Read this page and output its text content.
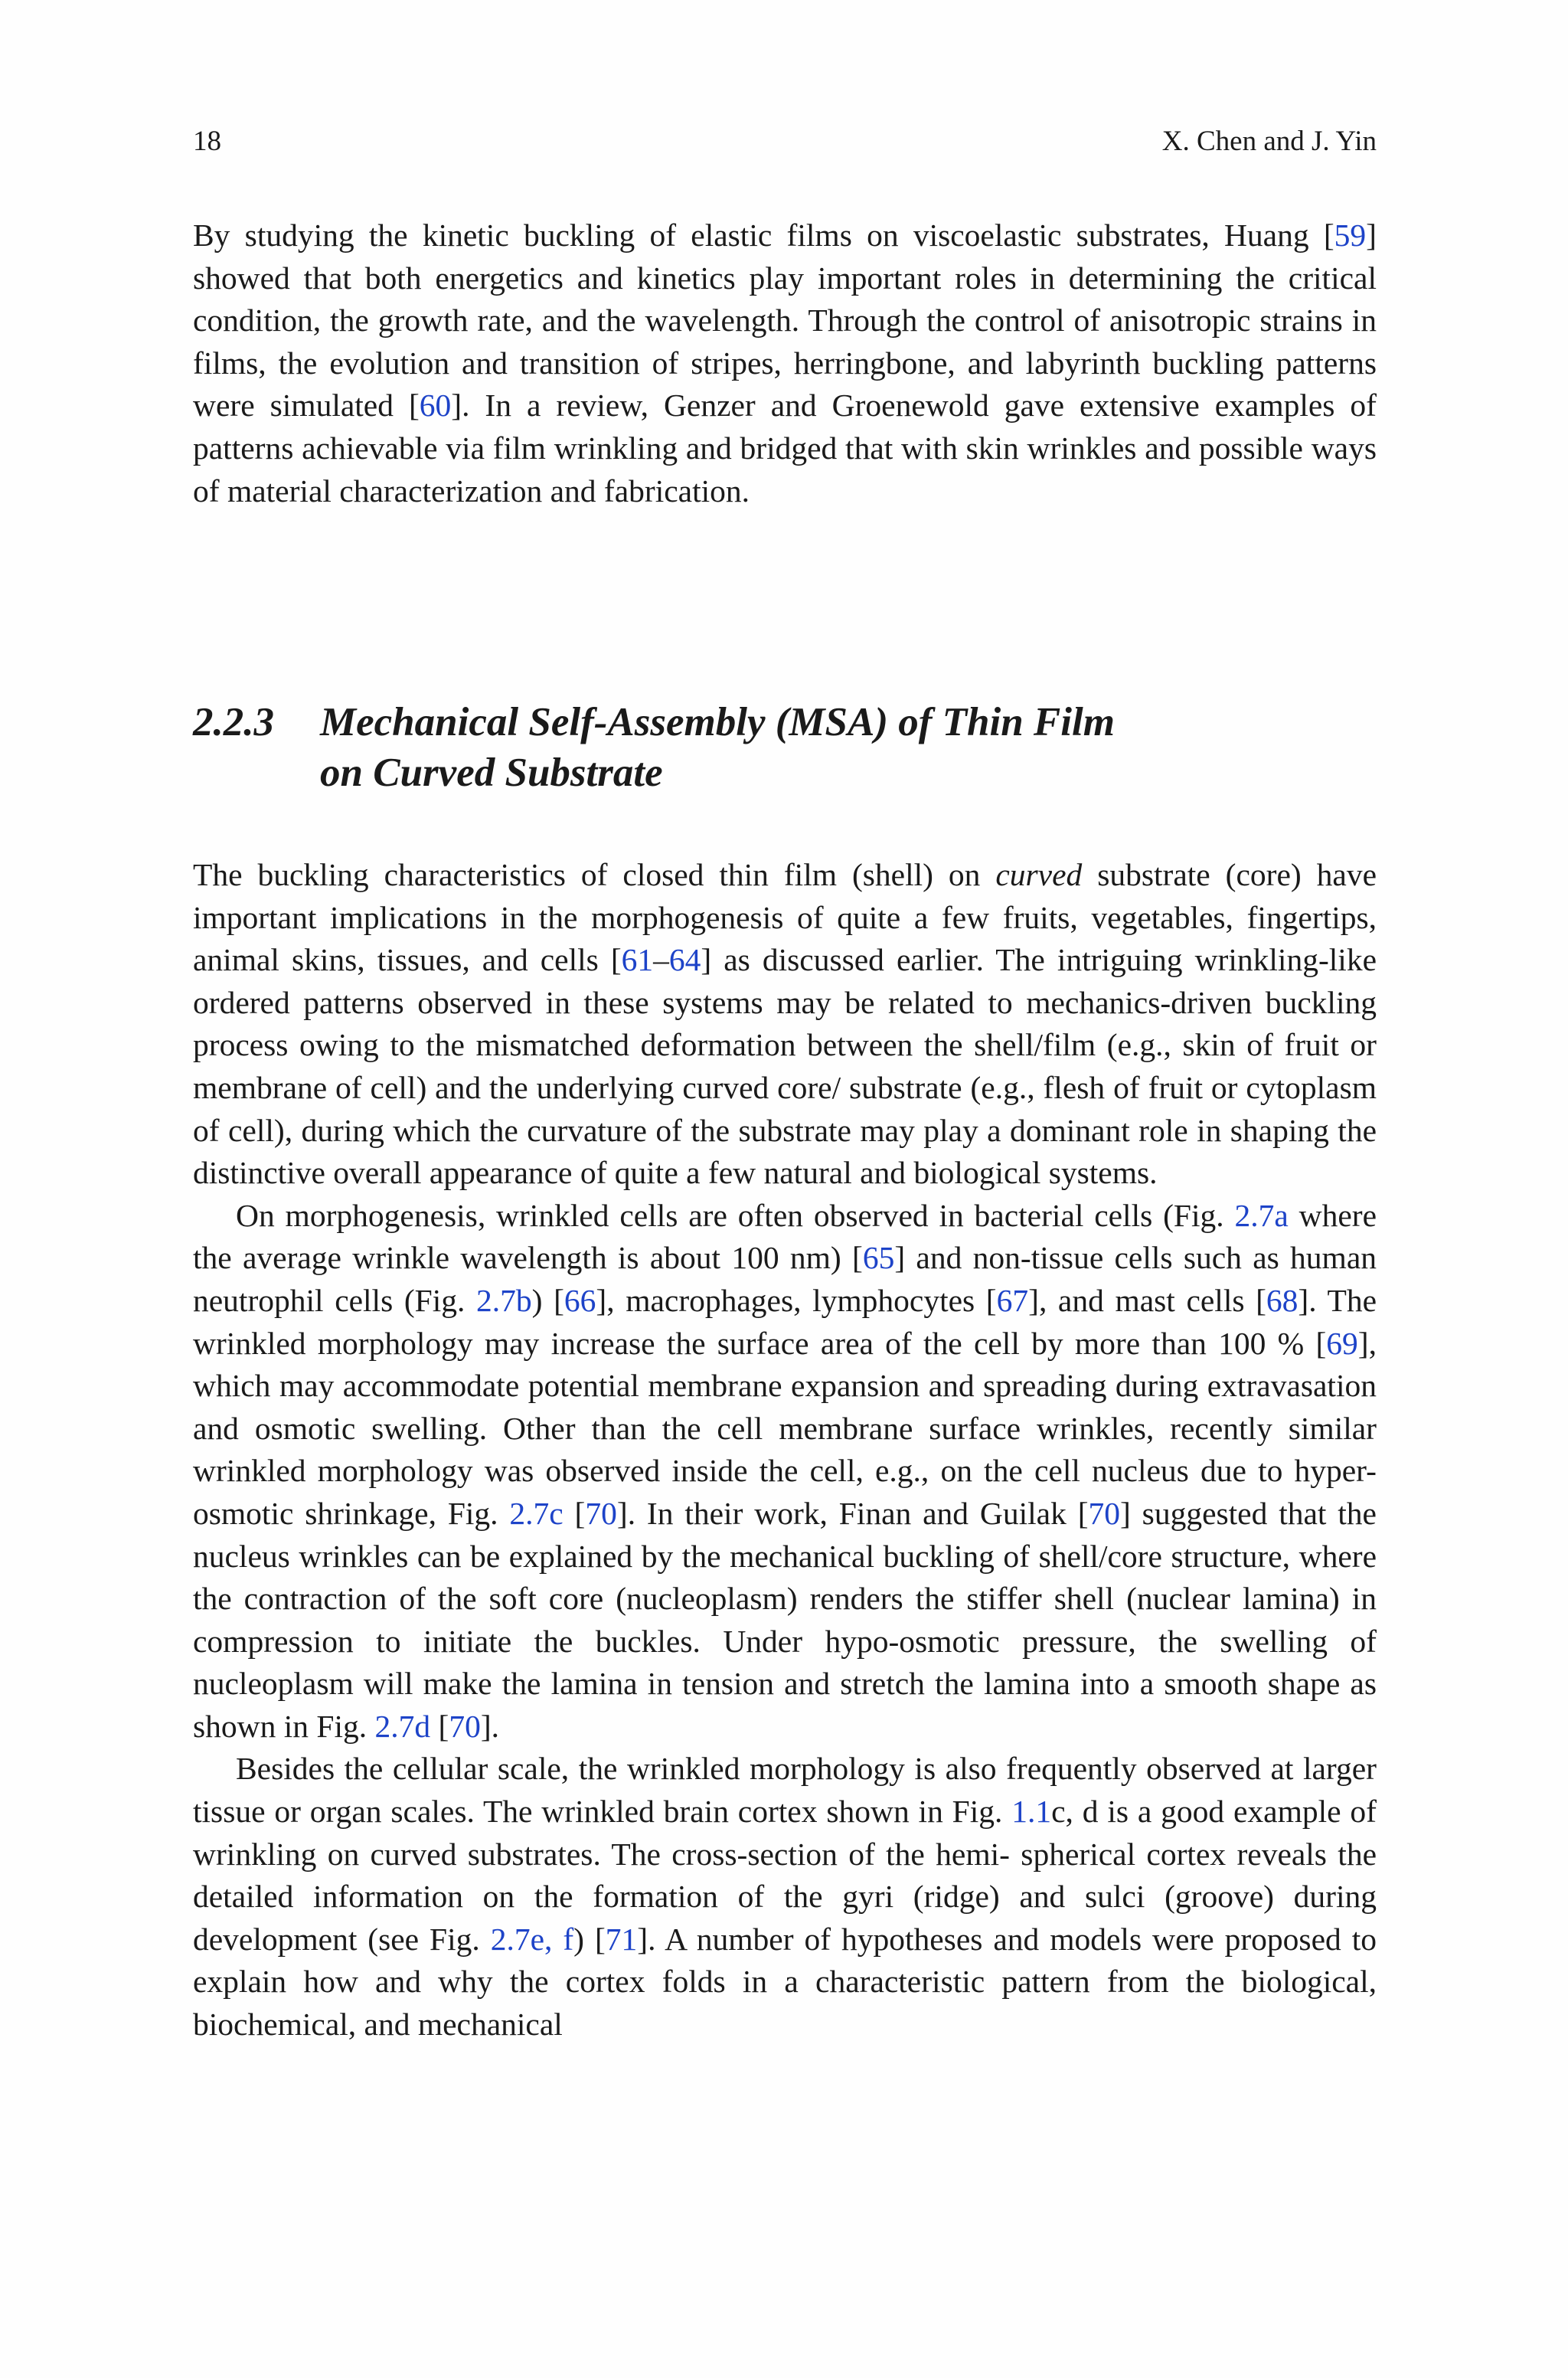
18	X. Chen and J. Yin

By studying the kinetic buckling of elastic films on viscoelastic substrates, Huang [59] showed that both energetics and kinetics play important roles in determining the critical condition, the growth rate, and the wavelength. Through the control of anisotropic strains in films, the evolution and transition of stripes, herringbone, and labyrinth buckling patterns were simulated [60]. In a review, Genzer and Groenewold gave extensive examples of patterns achievable via film wrinkling and bridged that with skin wrinkles and possible ways of material characterization and fabrication.

2.2.3 Mechanical Self-Assembly (MSA) of Thin Film
on Curved Substrate

The buckling characteristics of closed thin film (shell) on curved substrate (core) have important implications in the morphogenesis of quite a few fruits, vegetables, fingertips, animal skins, tissues, and cells [61–64] as discussed earlier. The intriguing wrinkling-like ordered patterns observed in these systems may be related to mechanics-driven buckling process owing to the mismatched deformation between the shell/film (e.g., skin of fruit or membrane of cell) and the underlying curved core/ substrate (e.g., flesh of fruit or cytoplasm of cell), during which the curvature of the substrate may play a dominant role in shaping the distinctive overall appearance of quite a few natural and biological systems.

On morphogenesis, wrinkled cells are often observed in bacterial cells (Fig. 2.7a where the average wrinkle wavelength is about 100 nm) [65] and non-tissue cells such as human neutrophil cells (Fig. 2.7b) [66], macrophages, lymphocytes [67], and mast cells [68]. The wrinkled morphology may increase the surface area of the cell by more than 100 % [69], which may accommodate potential membrane expansion and spreading during extravasation and osmotic swelling. Other than the cell membrane surface wrinkles, recently similar wrinkled morphology was observed inside the cell, e.g., on the cell nucleus due to hyper-osmotic shrinkage, Fig. 2.7c [70]. In their work, Finan and Guilak [70] suggested that the nucleus wrinkles can be explained by the mechanical buckling of shell/core structure, where the contraction of the soft core (nucleoplasm) renders the stiffer shell (nuclear lamina) in compression to initiate the buckles. Under hypo-osmotic pressure, the swelling of nucleoplasm will make the lamina in tension and stretch the lamina into a smooth shape as shown in Fig. 2.7d [70].

Besides the cellular scale, the wrinkled morphology is also frequently observed at larger tissue or organ scales. The wrinkled brain cortex shown in Fig. 1.1c, d is a good example of wrinkling on curved substrates. The cross-section of the hemi- spherical cortex reveals the detailed information on the formation of the gyri (ridge) and sulci (groove) during development (see Fig. 2.7e, f) [71]. A number of hypotheses and models were proposed to explain how and why the cortex folds in a characteristic pattern from the biological, biochemical, and mechanical
